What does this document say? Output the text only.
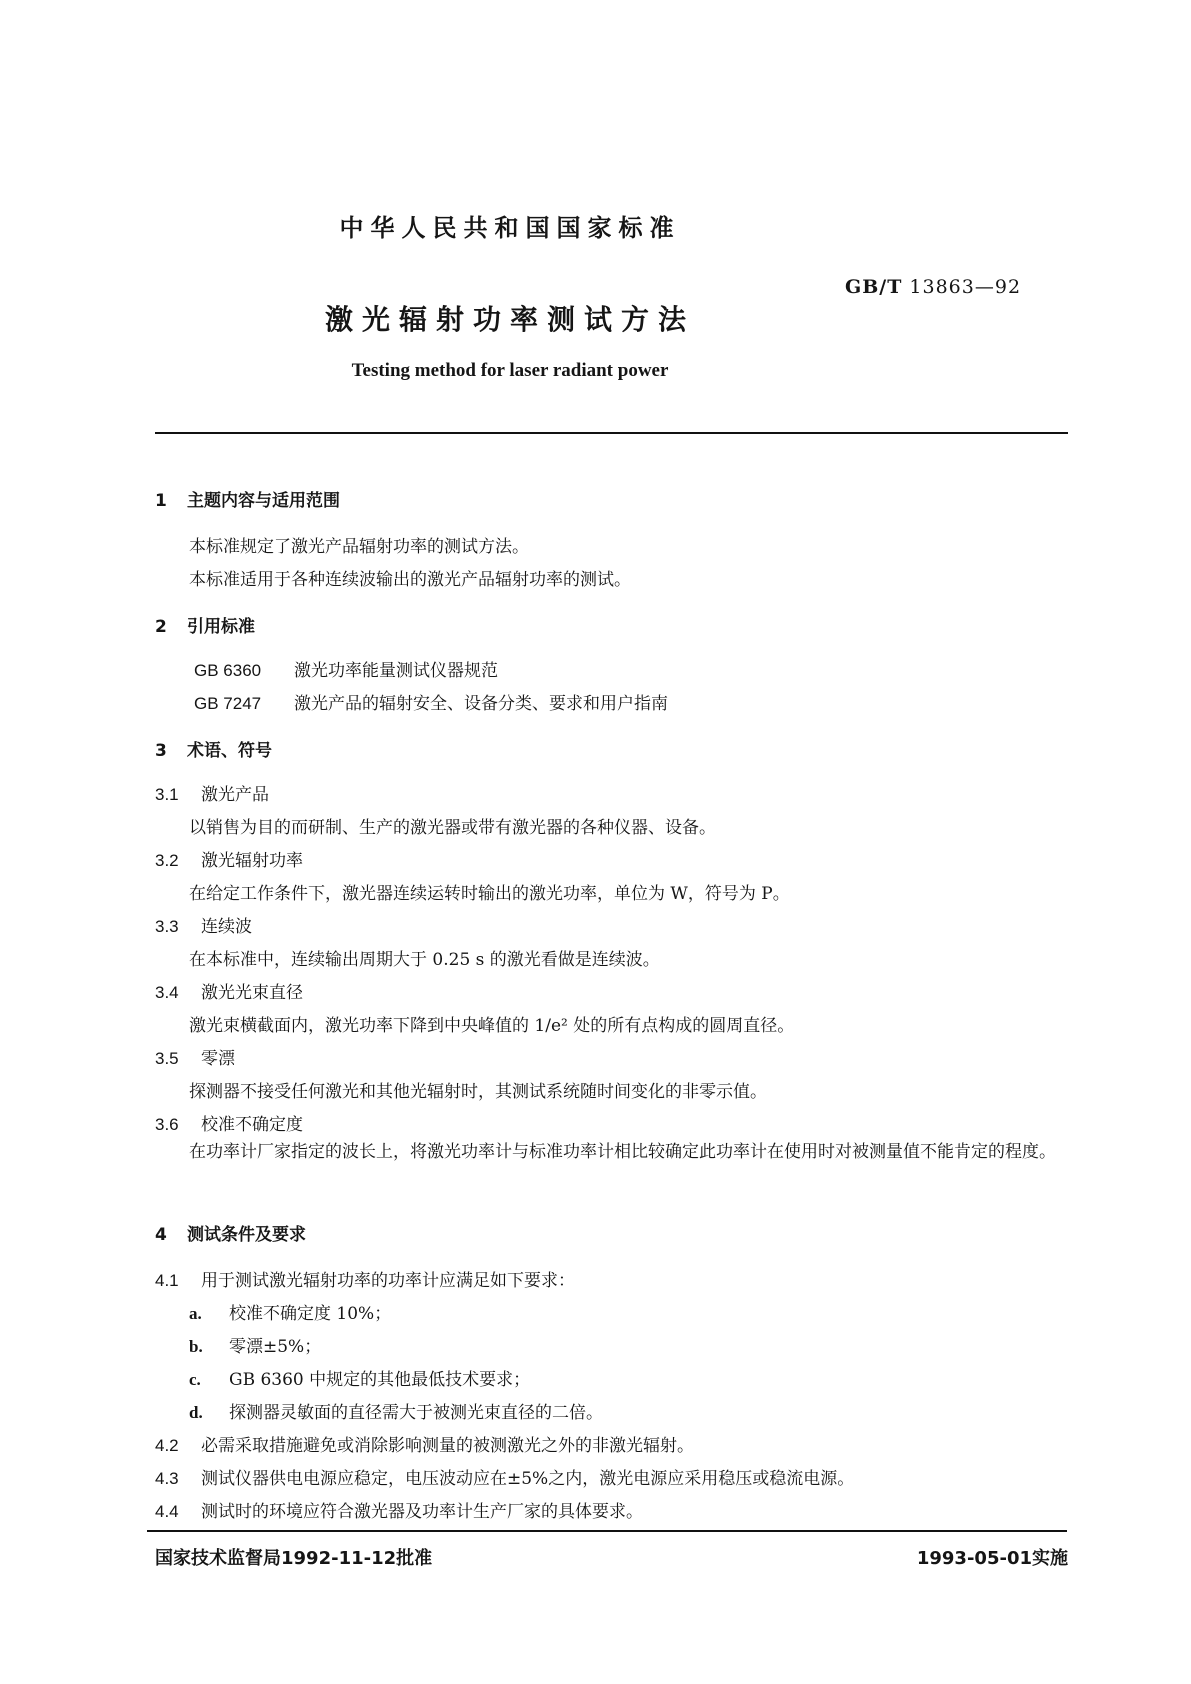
中华人民共和国国家标准
GB/T 13863—92
激光辐射功率测试方法
Testing method for laser radiant power
1 主题内容与适用范围
本标准规定了激光产品辐射功率的测试方法。
本标准适用于各种连续波输出的激光产品辐射功率的测试。
2 引用标准
GB 6360 激光功率能量测试仪器规范
GB 7247 激光产品的辐射安全、设备分类、要求和用户指南
3 术语、符号
3.1 激光产品
以销售为目的而研制、生产的激光器或带有激光器的各种仪器、设备。
3.2 激光辐射功率
在给定工作条件下，激光器连续运转时输出的激光功率，单位为 W，符号为 P。
3.3 连续波
在本标准中，连续输出周期大于 0.25 s 的激光看做是连续波。
3.4 激光光束直径
激光束横截面内，激光功率下降到中央峰值的 1/e² 处的所有点构成的圆周直径。
3.5 零漂
探测器不接受任何激光和其他光辐射时，其测试系统随时间变化的非零示值。
3.6 校准不确定度
在功率计厂家指定的波长上，将激光功率计与标准功率计相比较确定此功率计在使用时对被测量值不能肯定的程度。
4 测试条件及要求
4.1 用于测试激光辐射功率的功率计应满足如下要求：
a. 校准不确定度 10%；
b. 零漂±5%；
c. GB 6360 中规定的其他最低技术要求；
d. 探测器灵敏面的直径需大于被测光束直径的二倍。
4.2 必需采取措施避免或消除影响测量的被测激光之外的非激光辐射。
4.3 测试仪器供电电源应稳定，电压波动应在±5%之内，激光电源应采用稳压或稳流电源。
4.4 测试时的环境应符合激光器及功率计生产厂家的具体要求。
国家技术监督局1992-11-12批准	1993-05-01实施
